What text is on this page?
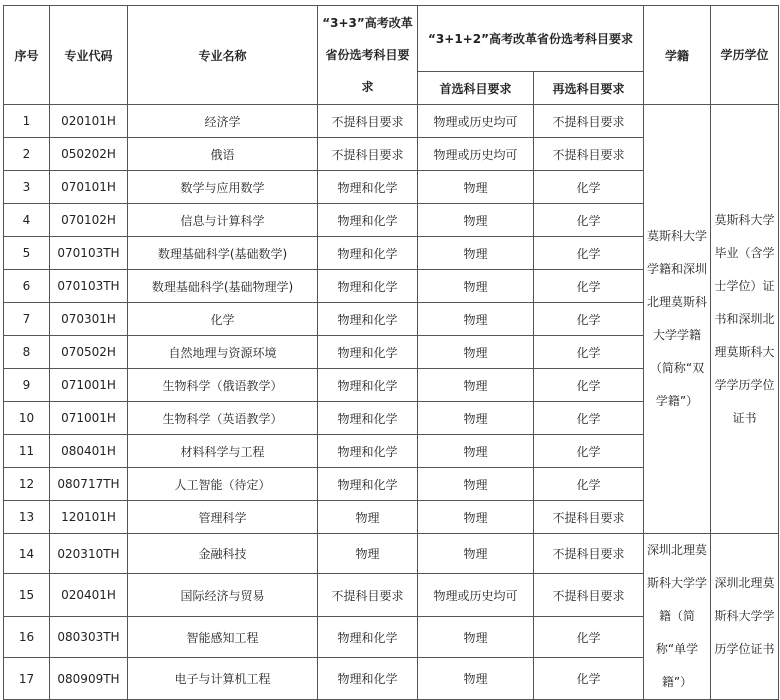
序号	专业代码	专业名称	“3+3”高考改革省份选考科目要求	“3+1+2”高考改革省份选考科目要求		学籍	学历学位
				首选科目要求	再选科目要求		
1	020101H	经济学	不提科目要求	物理或历史均可	不提科目要求	莫斯科大学学籍和深圳北理莫斯科大学学籍（简称“双学籍”）	莫斯科大学毕业（含学士学位）证书和深圳北理莫斯科大学学历学位证书
2	050202H	俄语	不提科目要求	物理或历史均可	不提科目要求		
3	070101H	数学与应用数学	物理和化学	物理	化学		
4	070102H	信息与计算科学	物理和化学	物理	化学		
5	070103TH	数理基础科学(基础数学)	物理和化学	物理	化学		
6	070103TH	数理基础科学(基础物理学)	物理和化学	物理	化学		
7	070301H	化学	物理和化学	物理	化学		
8	070502H	自然地理与资源环境	物理和化学	物理	化学		
9	071001H	生物科学（俄语教学）	物理和化学	物理	化学		
10	071001H	生物科学（英语教学）	物理和化学	物理	化学		
11	080401H	材料科学与工程	物理和化学	物理	化学		
12	080717TH	人工智能（待定）	物理和化学	物理	化学		
13	120101H	管理科学	物理	物理	不提科目要求		
14	020310TH	金融科技	物理	物理	不提科目要求	深圳北理莫斯科大学学籍（简称“单学籍”）	深圳北理莫斯科大学学历学位证书
15	020401H	国际经济与贸易	不提科目要求	物理或历史均可	不提科目要求		
16	080303TH	智能感知工程	物理和化学	物理	化学		
17	080909TH	电子与计算机工程	物理和化学	物理	化学		
